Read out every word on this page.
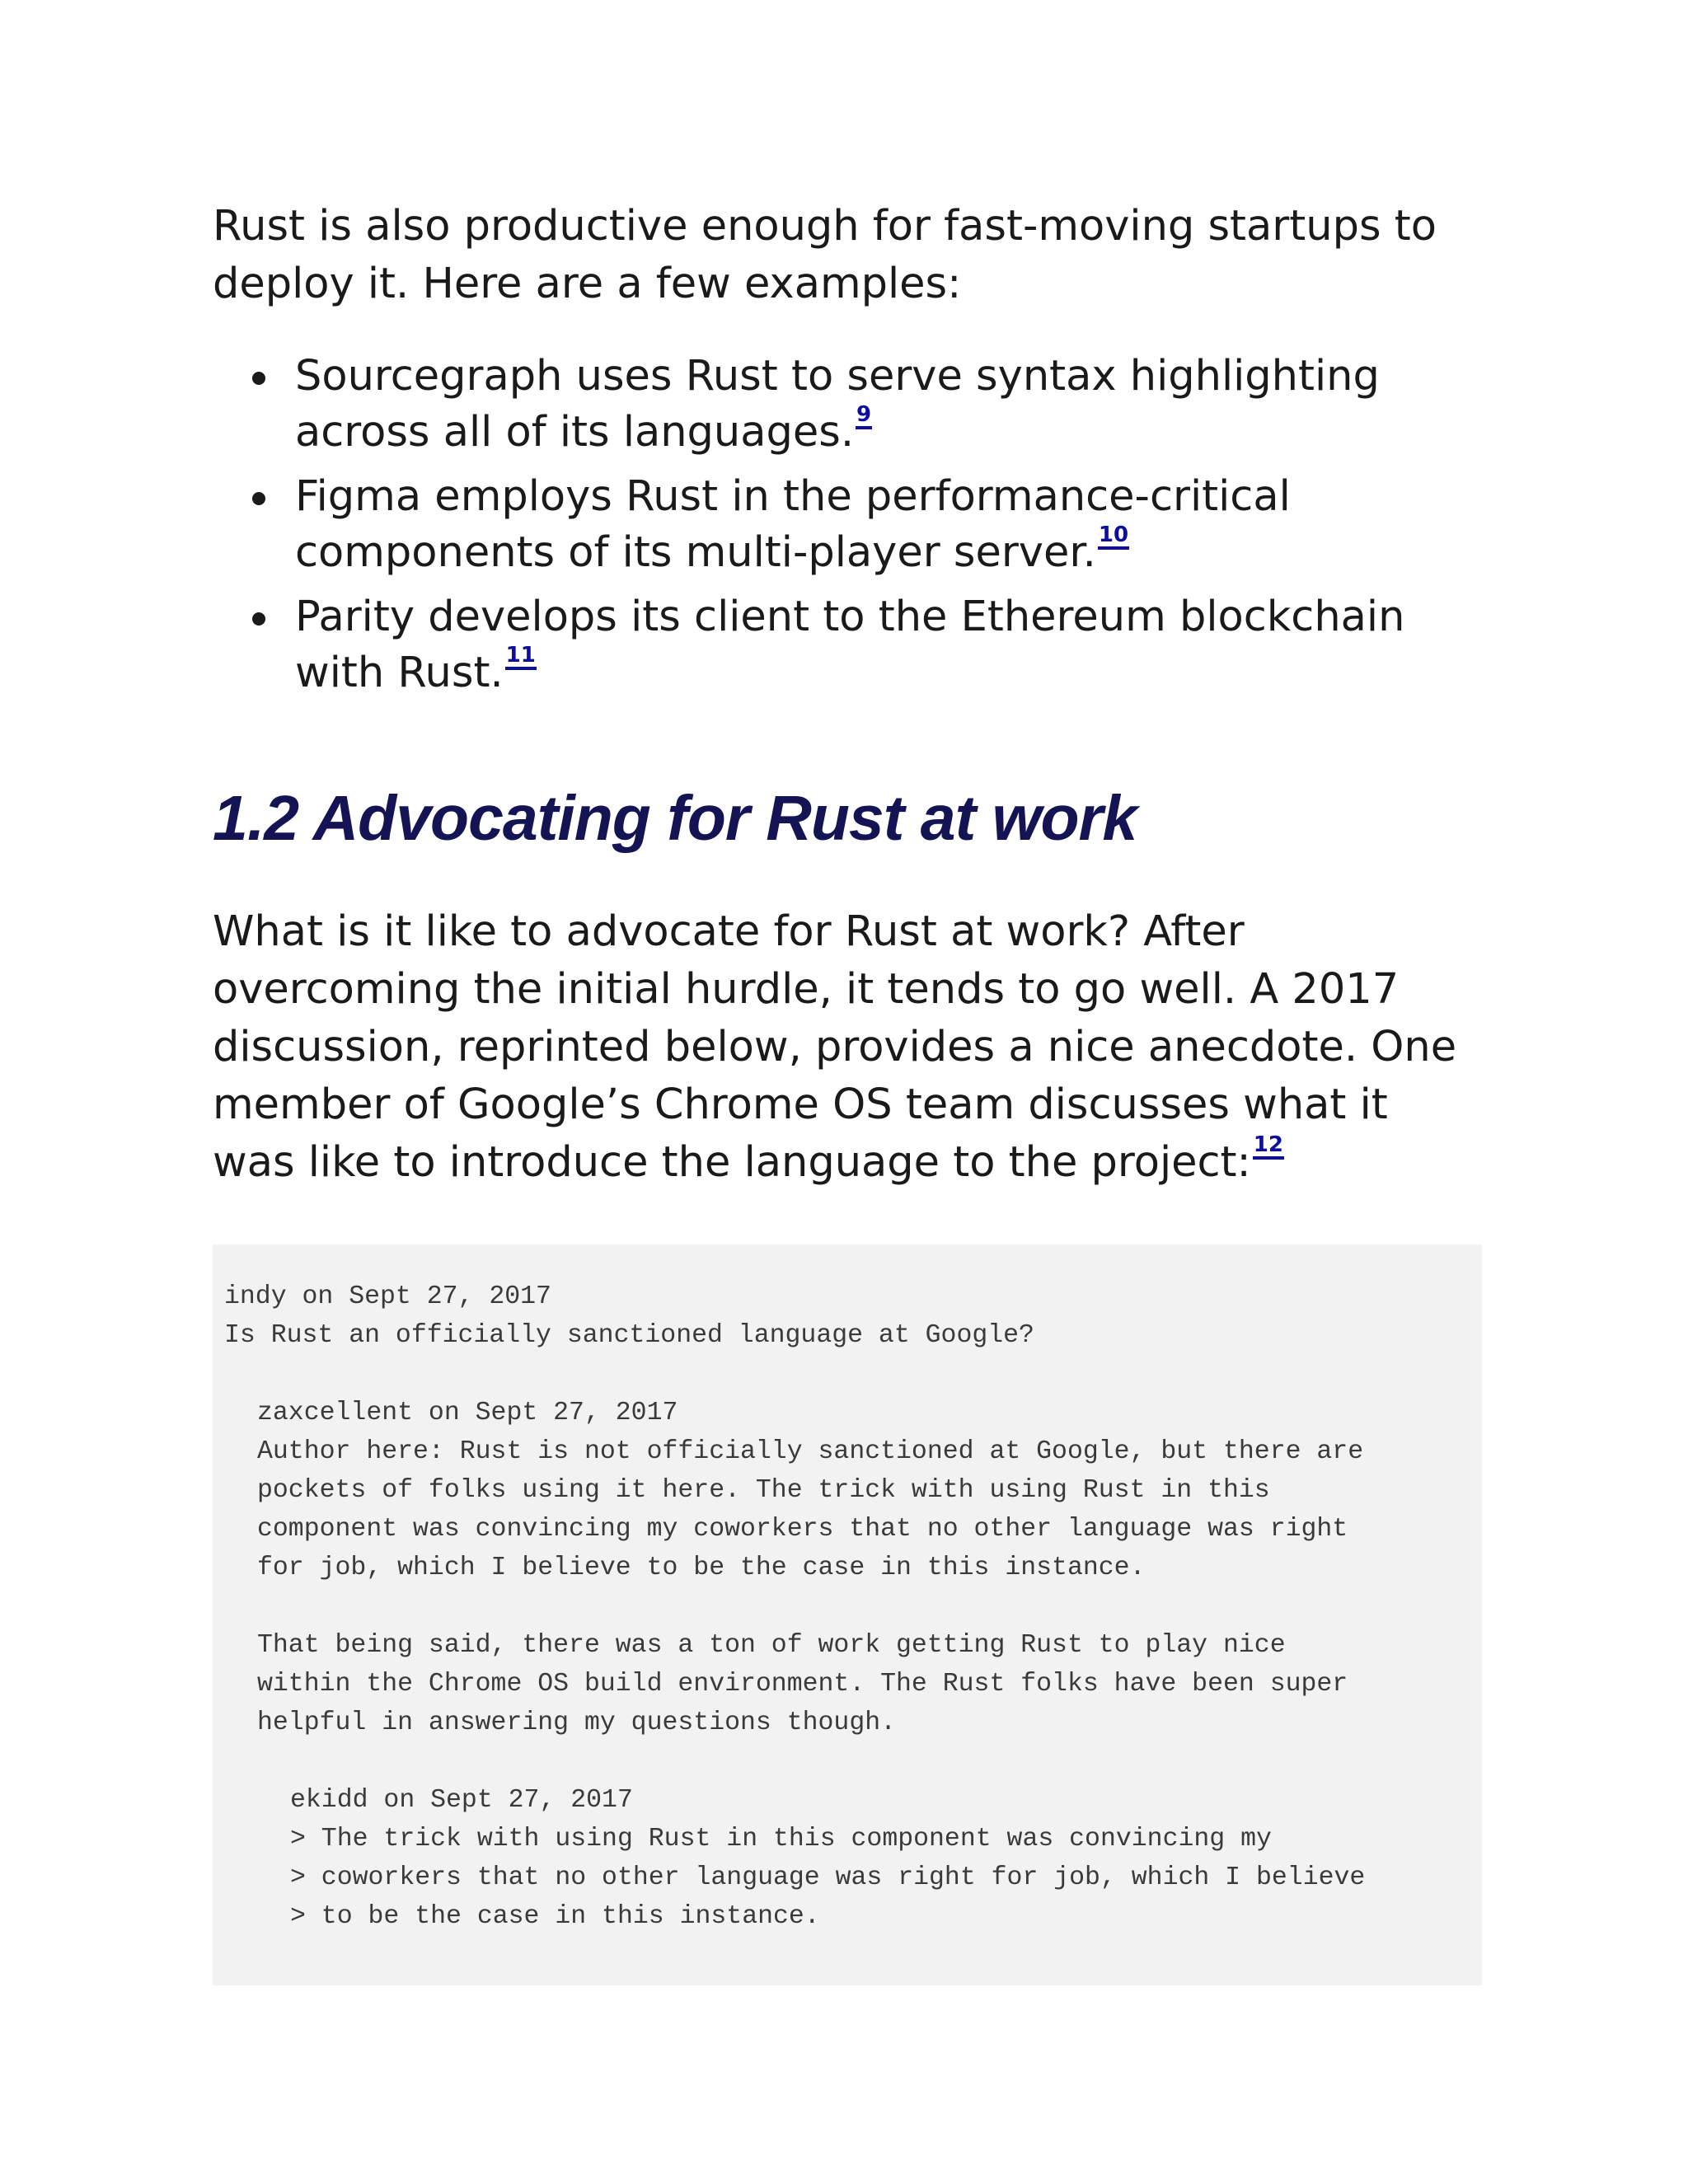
Rust is also productive enough for fast-moving startups to deploy it. Here are a few examples:

Sourcegraph uses Rust to serve syntax highlighting across all of its languages. 9
Figma employs Rust in the performance-critical components of its multi-player server. 10
Parity develops its client to the Ethereum blockchain with Rust. 11
1.2 Advocating for Rust at work

What is it like to advocate for Rust at work? After overcoming the initial hurdle, it tends to go well. A 2017 discussion, reprinted below, provides a nice anecdote. One member of Google’s Chrome OS team discusses what it was like to introduce the language to the project: 12

indy on Sept 27, 2017
Is Rust an officially sanctioned language at Google?
zaxcellent on Sept 27, 2017
Author here: Rust is not officially sanctioned at Google, but there are
pockets of folks using it here. The trick with using Rust in this
component was convincing my coworkers that no other language was right
for job, which I believe to be the case in this instance.
That being said, there was a ton of work getting Rust to play nice
within the Chrome OS build environment. The Rust folks have been super
helpful in answering my questions though.
ekidd on Sept 27, 2017
> The trick with using Rust in this component was convincing my
> coworkers that no other language was right for job, which I believe
> to be the case in this instance.
